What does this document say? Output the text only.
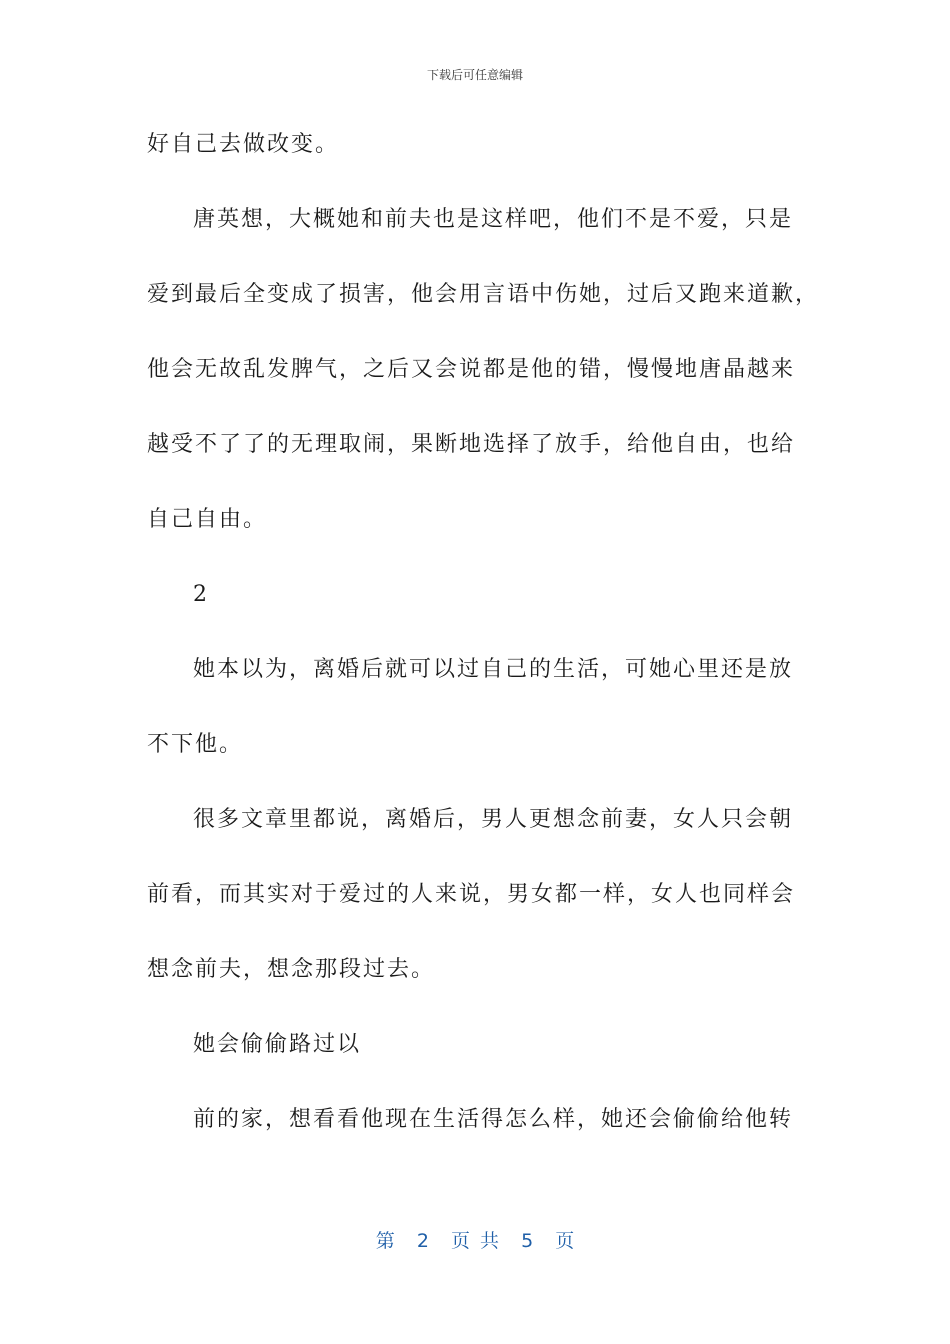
下载后可任意编辑
好自己去做改变。
唐英想，大概她和前夫也是这样吧，他们不是不爱，只是
爱到最后全变成了损害，他会用言语中伤她，过后又跑来道歉，
他会无故乱发脾气，之后又会说都是他的错，慢慢地唐晶越来
越受不了了的无理取闹，果断地选择了放手，给他自由，也给
自己自由。
2
她本以为，离婚后就可以过自己的生活，可她心里还是放
不下他。
很多文章里都说，离婚后，男人更想念前妻，女人只会朝
前看，而其实对于爱过的人来说，男女都一样，女人也同样会
想念前夫，想念那段过去。
她会偷偷路过以
前的家，想看看他现在生活得怎么样，她还会偷偷给他转
第 2 页 共 5 页
